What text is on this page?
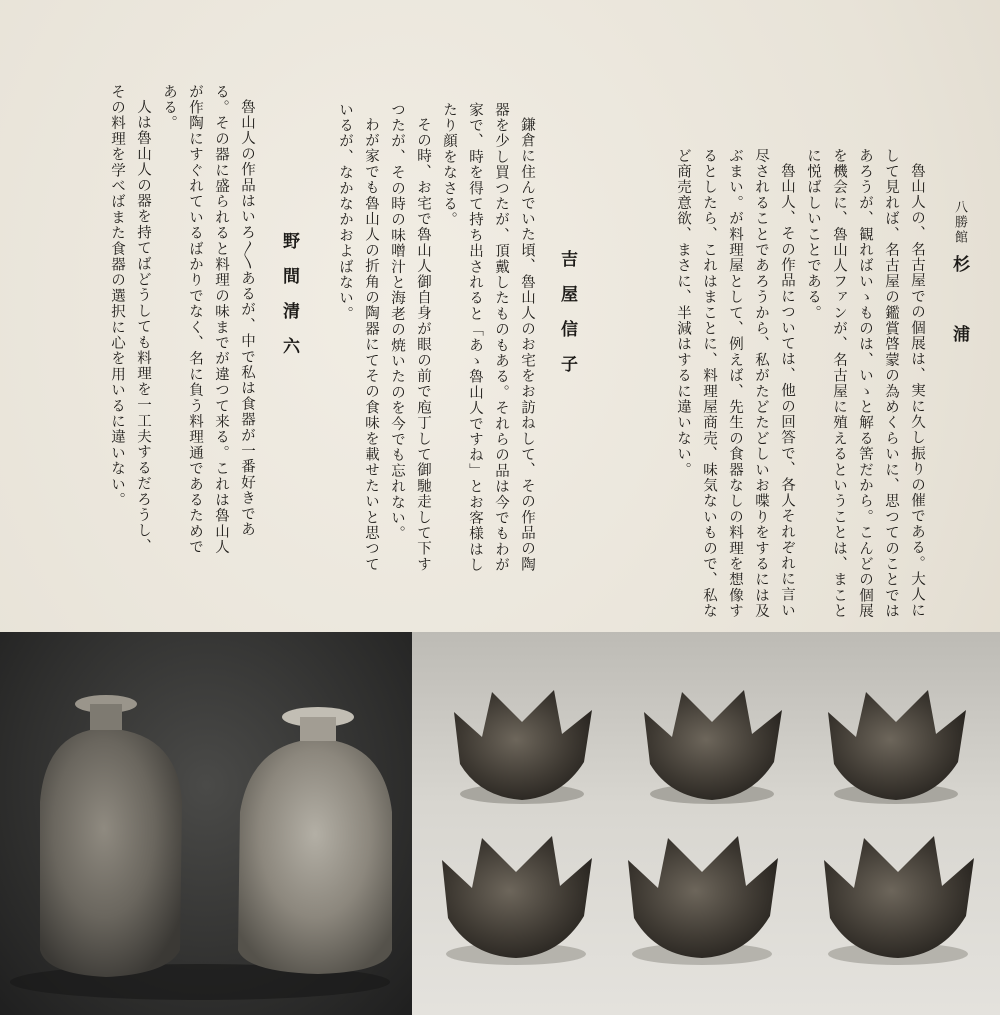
八勝館杉　浦

魯山人の、名古屋での個展は、実に久し振りの催である。大人にして見れば、名古屋の鑑賞啓蒙の為めくらいに、思つてのことではあろうが、観ればいゝものは、いゝと解る筈だから。こんどの個展を機会に、魯山人ファンが、名古屋に殖えるということは、まことに悦ばしいことである。

魯山人、その作品については、他の回答で、各人それぞれに言い尽されることであろうから、私がたどたどしいお喋りをするには及ぶまい。が料理屋として、例えば、先生の食器なしの料理を想像するとしたら、これはまことに、料理屋商売、味気ないもので、私など商売意欲、まさに、半減はするに違いない。

吉屋信子

鎌倉に住んでいた頃、魯山人のお宅をお訪ねして、その作品の陶器を少し買つたが、頂戴したものもある。それらの品は今でもわが家で、時を得て持ち出されると「あゝ魯山人ですね」とお客様はしたり顔をなさる。

その時、お宅で魯山人御自身が眼の前で庖丁して御馳走して下すつたが、その時の味噌汁と海老の焼いたのを今でも忘れない。

わが家でも魯山人の折角の陶器にてその食味を載せたいと思つているが、なかなかおよばない。

野間清六

魯山人の作品はいろ〳〵あるが、中で私は食器が一番好きである。その器に盛られると料理の味までが違つて来る。これは魯山人が作陶にすぐれているばかりでなく、名に負う料理通であるためである。

人は魯山人の器を持てばどうしても料理を一工夫するだろうし、その料理を学べばまた食器の選択に心を用いるに違いない。
